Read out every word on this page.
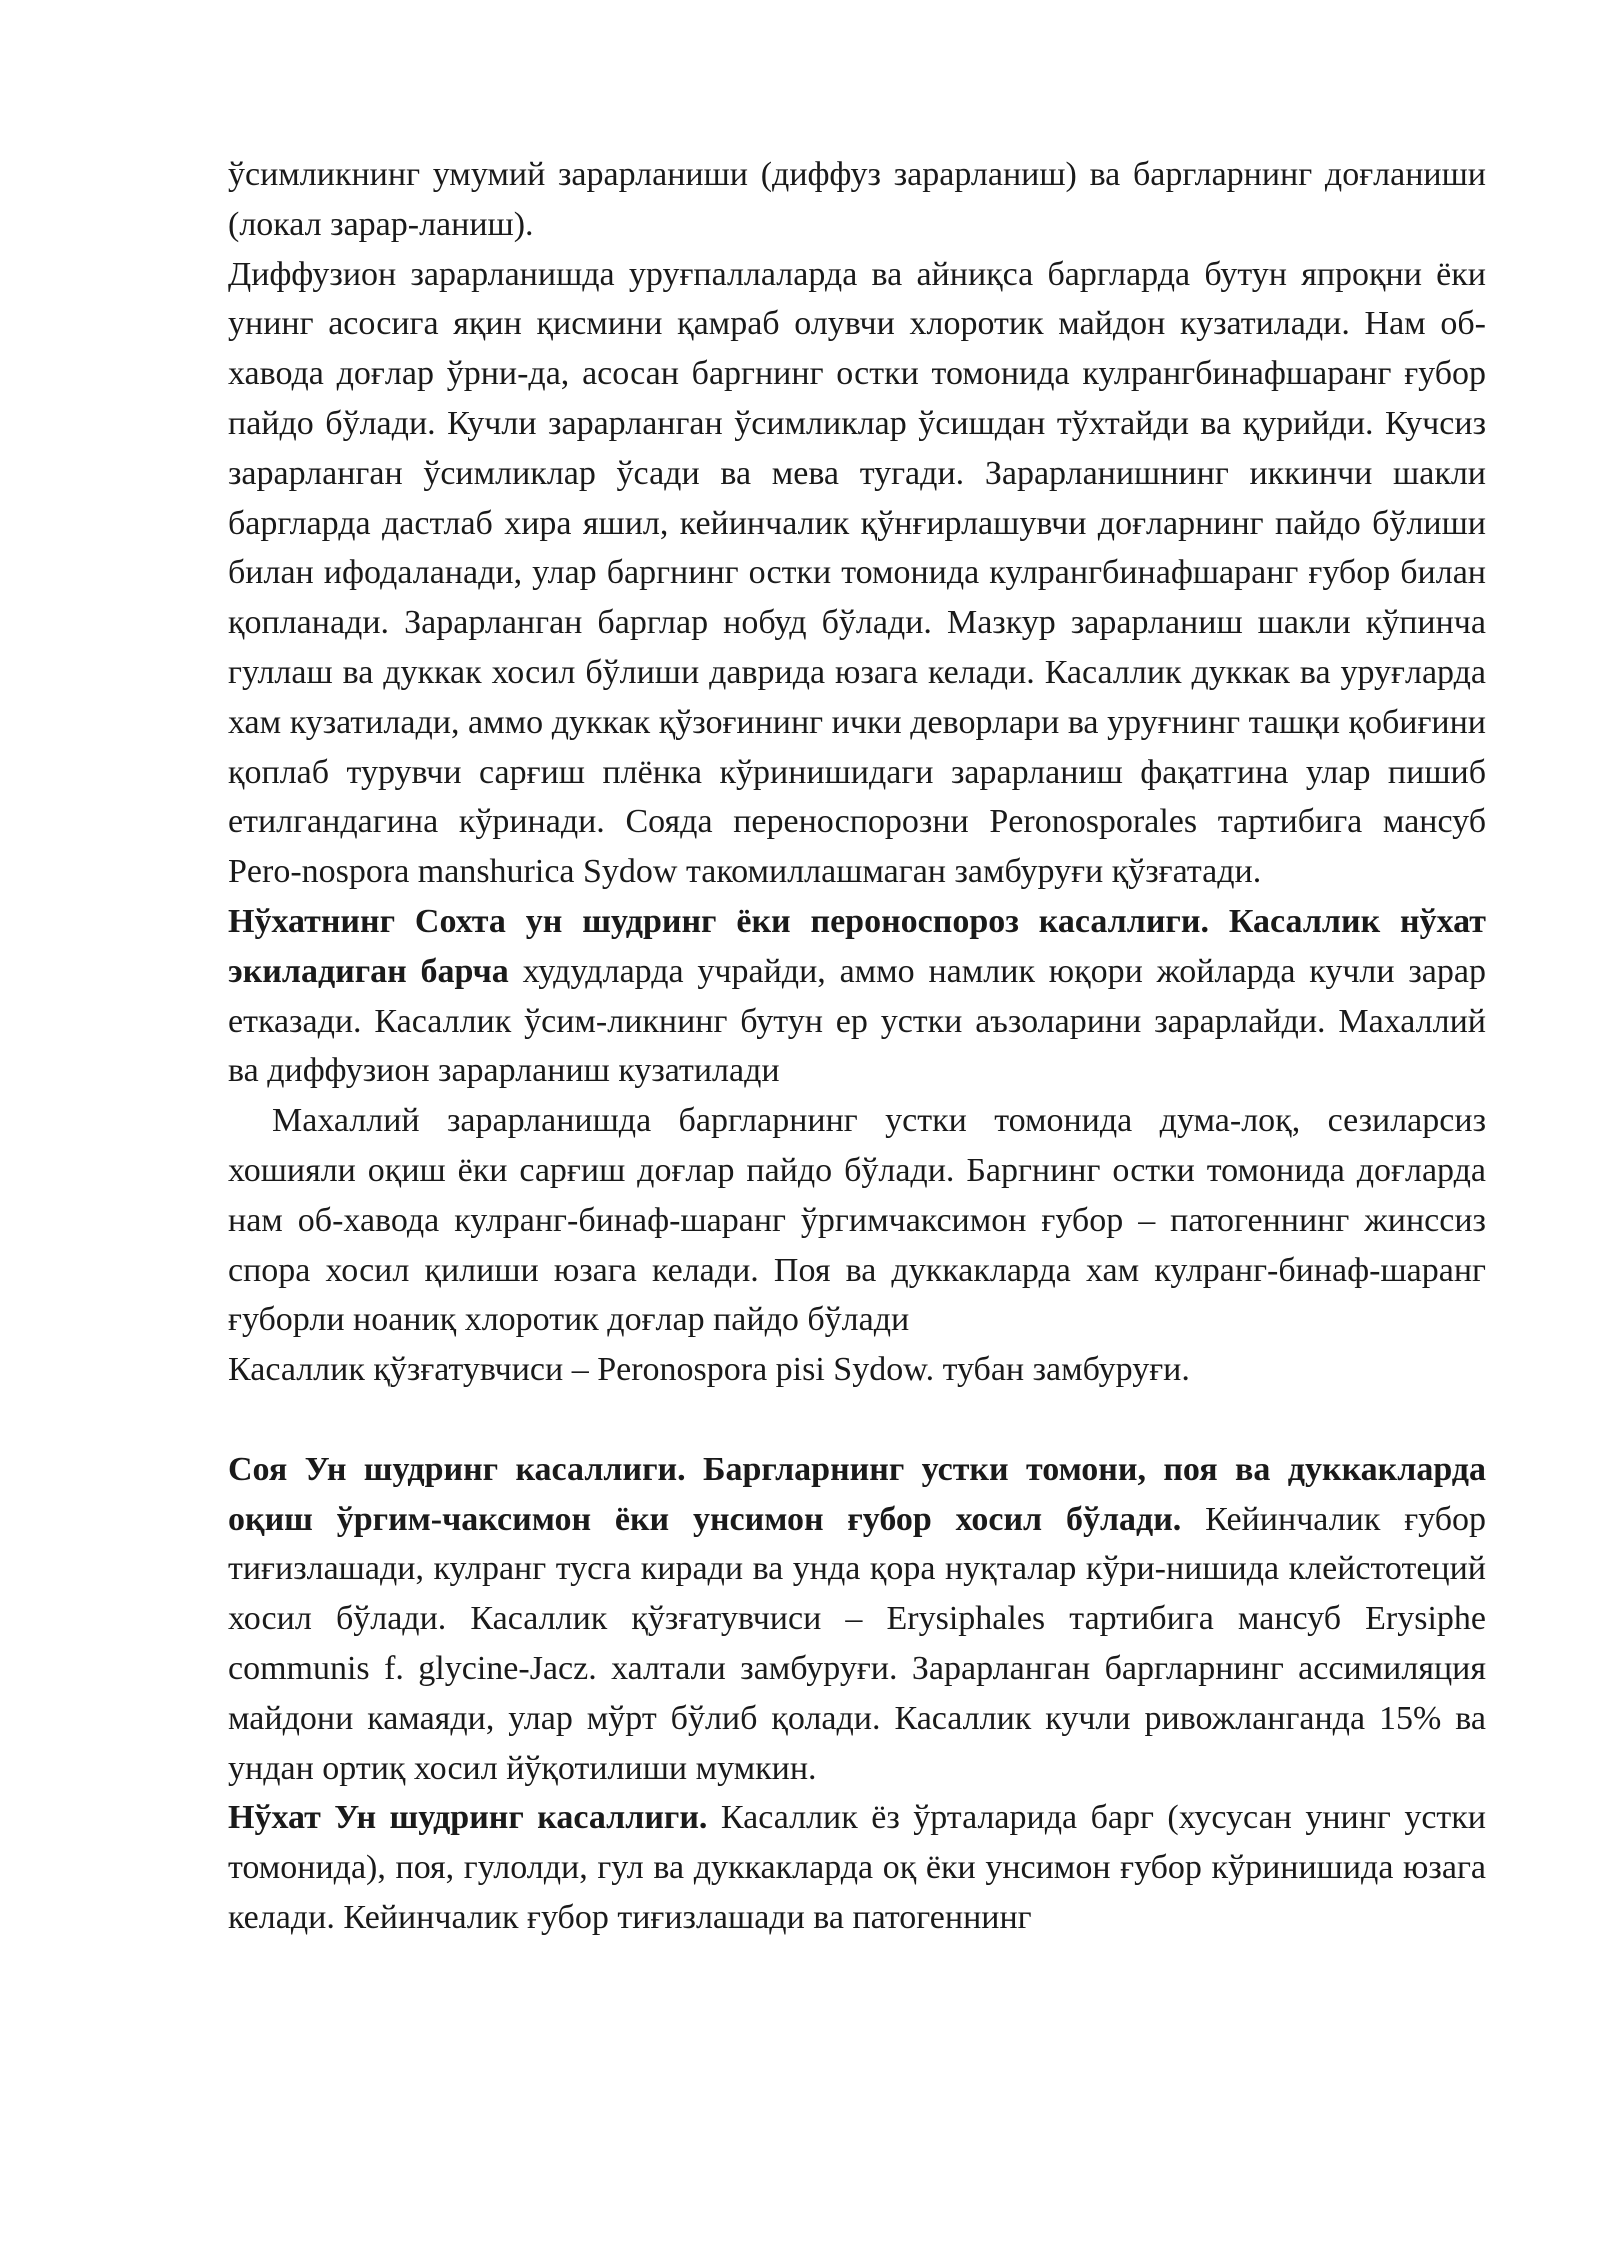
ўсимликнинг умумий зарарланиши (диффуз зарарланиш) ва баргларнинг доғланиши (локал зарар-ланиш).

Диффузион зарарланишда уруғпаллаларда ва айниқса баргларда бутун япроқни ёки унинг асосига яқин қисмини қамраб олувчи хлоротик майдон кузатилади. Нам об-хавода доғлар ўрни-да, асосан баргнинг остки томонида кулрангбинафшаранг ғубор пайдо бўлади. Кучли зарарланган ўсимликлар ўсишдан тўхтайди ва қурийди. Кучсиз зарарланган ўсимликлар ўсади ва мева тугади. Зарарланишнинг иккинчи шакли баргларда дастлаб хира яшил, кейинчалик қўнғирлашувчи доғларнинг пайдо бўлиши билан ифодаланади, улар баргнинг остки томонида кулрангбинафшаранг ғубор билан қопланади. Зарарланган барглар нобуд бўлади. Мазкур зарарланиш шакли кўпинча гуллаш ва дуккак хосил бўлиши даврида юзага келади. Касаллик дуккак ва уруғларда хам кузатилади, аммо дуккак қўзоғининг ички деворлари ва уруғнинг ташқи қобиғини қоплаб турувчи сарғиш плёнка кўринишидаги зарарланиш фақатгина улар пишиб етилгандагина кўринади. Сояда переноспорозни Peronosporales тартибига мансуб Pero-nospora manshurica Sydow такомиллашмаган замбуруғи қўзғатади.

Нўхатнинг Сохта ун шудринг ёки пероноспороз касаллиги. Касаллик нўхат экиладиган барча худудларда учрайди, аммо намлик юқори жойларда кучли зарар етказади. Касаллик ўсим-ликнинг бутун ер устки аъзоларини зарарлайди. Махаллий ва диффузион зарарланиш кузатилади

Махаллий зарарланишда баргларнинг устки томонида дума-лоқ, сезиларсиз хошияли оқиш ёки сарғиш доғлар пайдо бўлади. Баргнинг остки томонида доғларда нам об-хавода кулранг-бинаф-шаранг ўргимчаксимон ғубор – патогеннинг жинссиз спора хосил қилиши юзага келади. Поя ва дуккакларда хам кулранг-бинаф-шаранг ғуборли ноаниқ хлоротик доғлар пайдо бўлади

Касаллик қўзғатувчиси – Peronospora pisi Sydow. тубан замбуруғи.

Соя Ун шудринг касаллиги. Баргларнинг устки томони, поя ва дуккакларда оқиш ўргим-чаксимон ёки унсимон ғубор хосил бўлади. Кейинчалик ғубор тиғизлашади, кулранг тусга киради ва унда қора нуқталар кўри-нишида клейстотеций хосил бўлади. Касаллик қўзғатувчиси – Erysiphales тартибига мансуб Erysiphe communis f. glycine-Jacz. халтали замбуруғи. Зарарланган баргларнинг ассимиляция майдони камаяди, улар мўрт бўлиб қолади. Касаллик кучли ривожланганда 15% ва ундан ортиқ хосил йўқотилиши мумкин.

Нўхат Ун шудринг касаллиги. Касаллик ёз ўрталарида барг (хусусан унинг устки томонида), поя, гулолди, гул ва дуккакларда оқ ёки унсимон ғубор кўринишида юзага келади. Кейинчалик ғубор тиғизлашади ва патогеннинг
